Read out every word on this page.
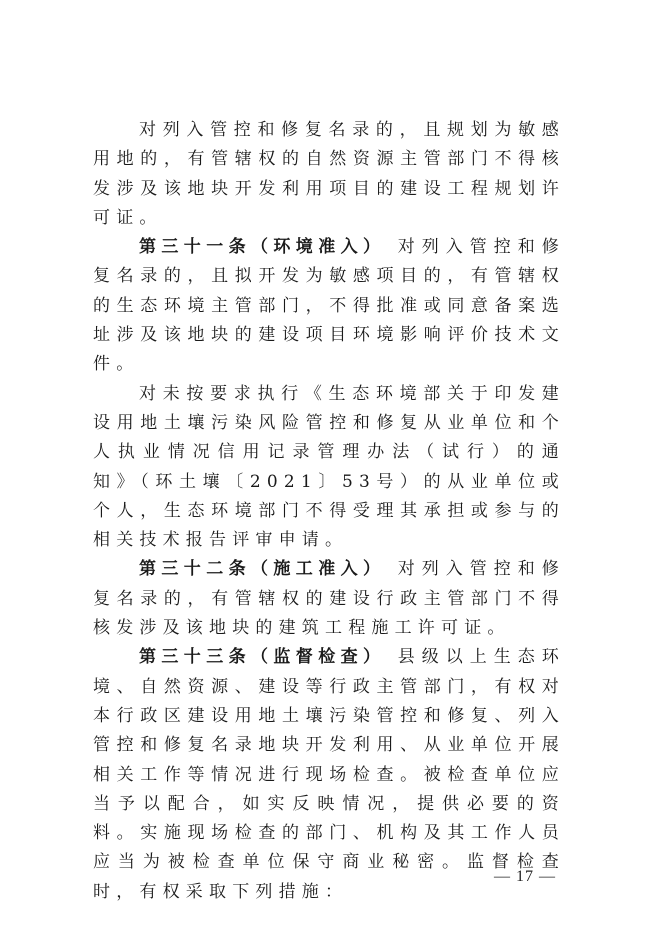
对列入管控和修复名录的，且规划为敏感用地的，有管辖权的自然资源主管部门不得核发涉及该地块开发利用项目的建设工程规划许可证。

第三十一条（环境准入） 对列入管控和修复名录的，且拟开发为敏感项目的，有管辖权的生态环境主管部门，不得批准或同意备案选址涉及该地块的建设项目环境影响评价技术文件。

对未按要求执行《生态环境部关于印发建设用地土壤污染风险管控和修复从业单位和个人执业情况信用记录管理办法（试行）的通知》（环土壤〔2021〕53号）的从业单位或个人，生态环境部门不得受理其承担或参与的相关技术报告评审申请。

第三十二条（施工准入） 对列入管控和修复名录的，有管辖权的建设行政主管部门不得核发涉及该地块的建筑工程施工许可证。

第三十三条（监督检查） 县级以上生态环境、自然资源、建设等行政主管部门，有权对本行政区建设用地土壤污染管控和修复、列入管控和修复名录地块开发利用、从业单位开展相关工作等情况进行现场检查。被检查单位应当予以配合，如实反映情况，提供必要的资料。实施现场检查的部门、机构及其工作人员应当为被检查单位保守商业秘密。监督检查时，有权采取下列措施：

— 17 —
